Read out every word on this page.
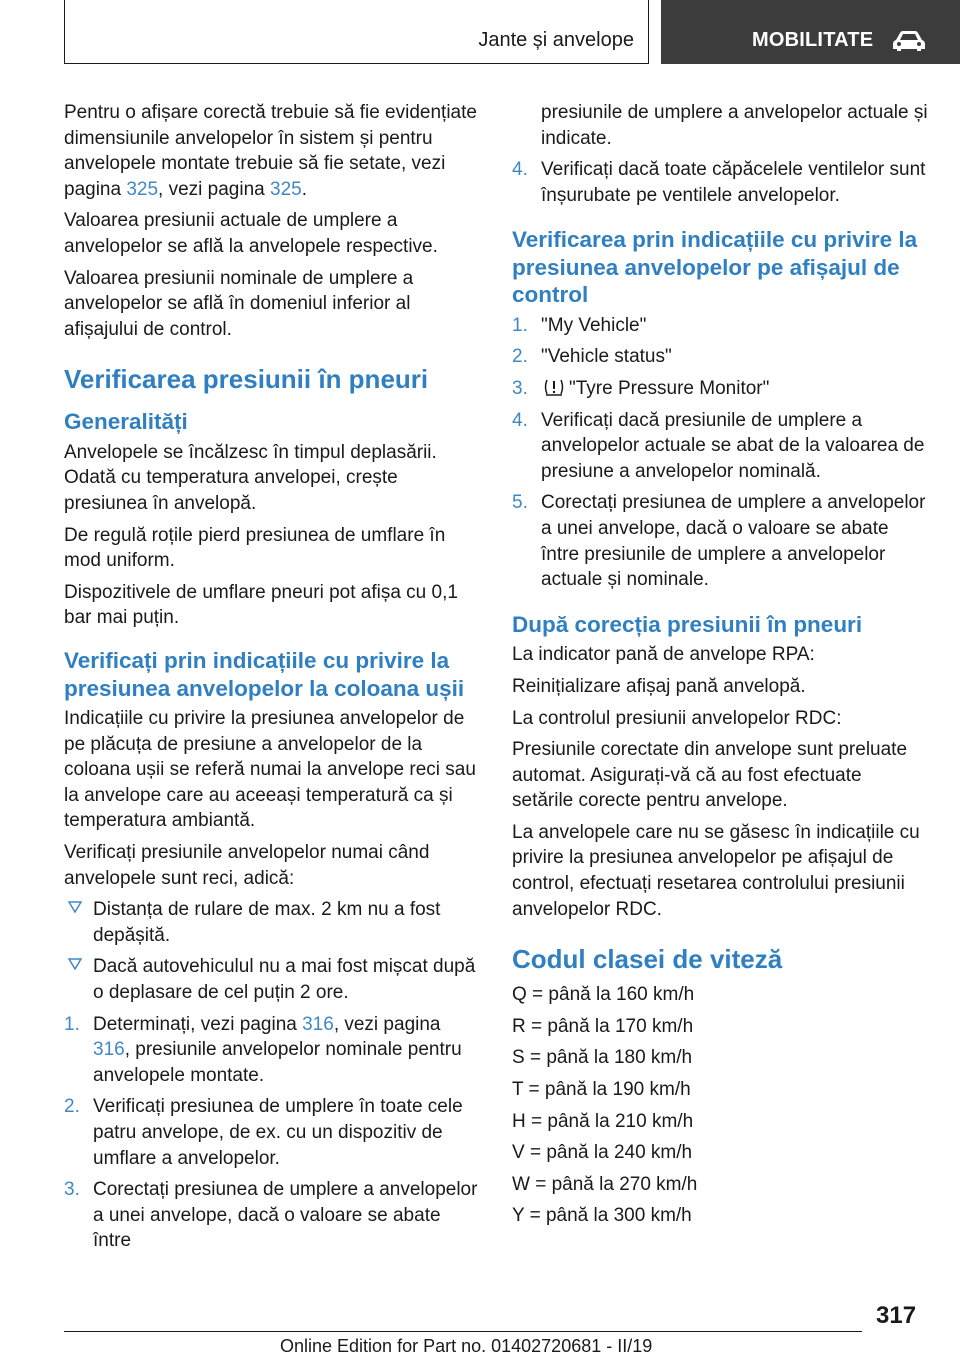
Jante și anvelope	MOBILITATE

Pentru o afișare corectă trebuie să fie evidențiate dimensiunile anvelopelor în sistem și pentru anvelopele montate trebuie să fie setate, vezi pagina 325, vezi pagina 325.

Valoarea presiunii actuale de umplere a anvelopelor se află la anvelopele respective.

Valoarea presiunii nominale de umplere a anvelopelor se află în domeniul inferior al afișajului de control.

Verificarea presiunii în pneuri
Generalități

Anvelopele se încălzesc în timpul deplasării. Odată cu temperatura anvelopei, crește presiunea în anvelopă.

De regulă roțile pierd presiunea de umflare în mod uniform.

Dispozitivele de umflare pneuri pot afișa cu 0,1 bar mai puțin.

Verificați prin indicațiile cu privire la presiunea anvelopelor la coloana ușii

Indicațiile cu privire la presiunea anvelopelor de pe plăcuța de presiune a anvelopelor de la coloana ușii se referă numai la anvelope reci sau la anvelope care au aceeași temperatură ca și temperatura ambiantă.

Verificați presiunile anvelopelor numai când anvelopele sunt reci, adică:

Distanța de rulare de max. 2 km nu a fost depășită.
Dacă autovehiculul nu a mai fost mișcat după o deplasare de cel puțin 2 ore.
1. Determinați, vezi pagina 316, vezi pagina 316, presiunile anvelopelor nominale pentru anvelopele montate.
2. Verificați presiunea de umplere în toate cele patru anvelope, de ex. cu un dispozitiv de umflare a anvelopelor.
3. Corectați presiunea de umplere a anvelopelor a unei anvelope, dacă o valoare se abate între
presiunile de umplere a anvelopelor actuale și indicate.
4. Verificați dacă toate căpăcelele ventilelor sunt înșurubate pe ventilele anvelopelor.
Verificarea prin indicațiile cu privire la presiunea anvelopelor pe afișajul de control
1. "My Vehicle"
2. "Vehicle status"
3. "Tyre Pressure Monitor"
4. Verificați dacă presiunile de umplere a anvelopelor actuale se abat de la valoarea de presiune a anvelopelor nominală.
5. Corectați presiunea de umplere a anvelopelor a unei anvelope, dacă o valoare se abate între presiunile de umplere a anvelopelor actuale și nominale.
După corecția presiunii în pneuri

La indicator pană de anvelope RPA:

Reinițializare afișaj pană anvelopă.

La controlul presiunii anvelopelor RDC:

Presiunile corectate din anvelope sunt preluate automat. Asigurați-vă că au fost efectuate setările corecte pentru anvelope.

La anvelopele care nu se găsesc în indicațiile cu privire la presiunea anvelopelor pe afișajul de control, efectuați resetarea controlului presiunii anvelopelor RDC.

Codul clasei de viteză

Q = până la 160 km/h

R = până la 170 km/h

S = până la 180 km/h

T = până la 190 km/h

H = până la 210 km/h

V = până la 240 km/h

W = până la 270 km/h

Y = până la 300 km/h

317
Online Edition for Part no. 01402720681 - II/19
